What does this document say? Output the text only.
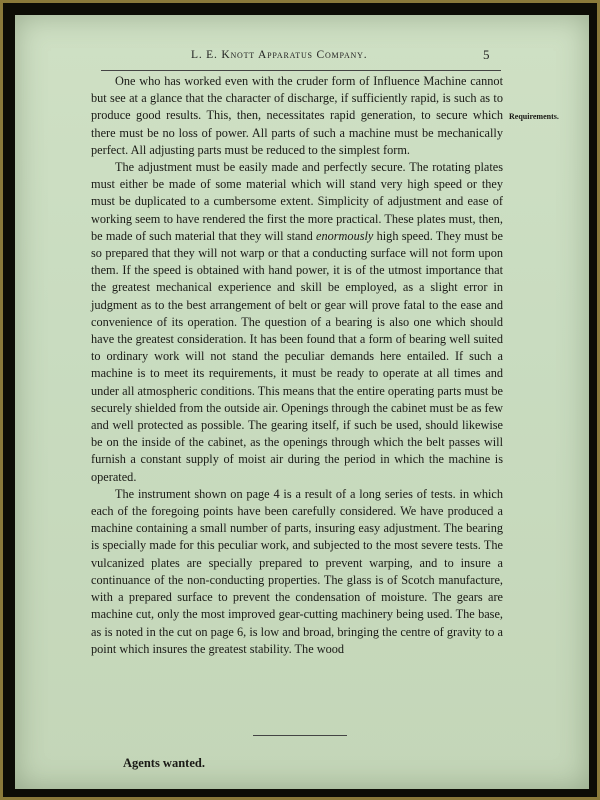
L. E. Knott Apparatus Company.	5
Requirements.

One who has worked even with the cruder form of Influence Machine cannot but see at a glance that the character of discharge, if sufficiently rapid, is such as to produce good results. This, then, necessitates rapid generation, to secure which there must be no loss of power. All parts of such a machine must be mechanically perfect. All adjusting parts must be reduced to the simplest form.

The adjustment must be easily made and perfectly secure. The rotating plates must either be made of some material which will stand very high speed or they must be duplicated to a cumbersome extent. Simplicity of adjustment and ease of working seem to have rendered the first the more practical. These plates must, then, be made of such material that they will stand enormously high speed. They must be so prepared that they will not warp or that a conducting surface will not form upon them. If the speed is obtained with hand power, it is of the utmost importance that the greatest mechanical experience and skill be employed, as a slight error in judgment as to the best arrangement of belt or gear will prove fatal to the ease and convenience of its operation. The question of a bearing is also one which should have the greatest consideration. It has been found that a form of bearing well suited to ordinary work will not stand the peculiar demands here entailed. If such a machine is to meet its requirements, it must be ready to operate at all times and under all atmospheric conditions. This means that the entire operating parts must be securely shielded from the outside air. Openings through the cabinet must be as few and well protected as possible. The gearing itself, if such be used, should likewise be on the inside of the cabinet, as the openings through which the belt passes will furnish a constant supply of moist air during the period in which the machine is operated.

The instrument shown on page 4 is a result of a long series of tests. in which each of the foregoing points have been carefully considered. We have produced a machine containing a small number of parts, insuring easy adjustment. The bearing is specially made for this peculiar work, and subjected to the most severe tests. The vulcanized plates are specially prepared to prevent warping, and to insure a continuance of the non-conducting properties. The glass is of Scotch manufacture, with a prepared surface to prevent the condensation of moisture. The gears are machine cut, only the most improved gear-cutting machinery being used. The base, as is noted in the cut on page 6, is low and broad, bringing the centre of gravity to a point which insures the greatest stability. The wood

Agents wanted.
